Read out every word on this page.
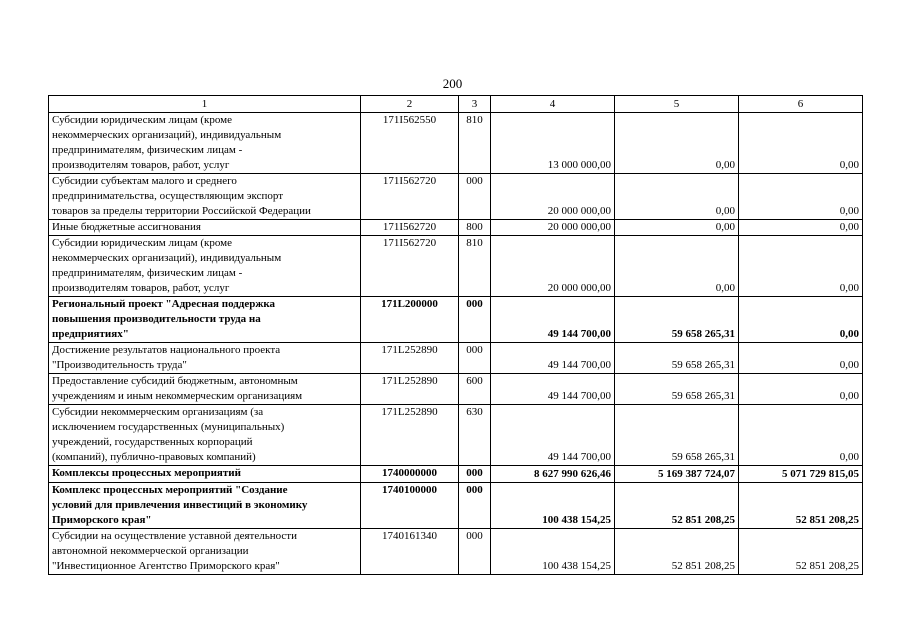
200
1	2	3	4	5	6
Субсидии юридическим лицам (кроме
некоммерческих организаций), индивидуальным
предпринимателям, физическим лицам -
производителям товаров, работ, услуг	171I562550	810	13 000 000,00	0,00	0,00
Субсидии субъектам малого и среднего
предпринимательства, осуществляющим экспорт
товаров за пределы территории Российской Федерации	171I562720	000	20 000 000,00	0,00	0,00
Иные бюджетные ассигнования	171I562720	800	20 000 000,00	0,00	0,00
Субсидии юридическим лицам (кроме
некоммерческих организаций), индивидуальным
предпринимателям, физическим лицам -
производителям товаров, работ, услуг	171I562720	810	20 000 000,00	0,00	0,00
Региональный проект "Адресная поддержка
повышения производительности труда на
предприятиях"	171L200000	000	49 144 700,00	59 658 265,31	0,00
Достижение результатов национального проекта
"Производительность труда"	171L252890	000	49 144 700,00	59 658 265,31	0,00
Предоставление субсидий бюджетным, автономным
учреждениям и иным некоммерческим организациям	171L252890	600	49 144 700,00	59 658 265,31	0,00
Субсидии некоммерческим организациям (за
исключением государственных (муниципальных)
учреждений, государственных корпораций
(компаний), публично-правовых компаний)	171L252890	630	49 144 700,00	59 658 265,31	0,00
Комплексы процессных мероприятий	1740000000	000	8 627 990 626,46	5 169 387 724,07	5 071 729 815,05
Комплекс процессных мероприятий "Создание
условий для привлечения инвестиций в экономику
Приморского края"	1740100000	000	100 438 154,25	52 851 208,25	52 851 208,25
Субсидии на осуществление уставной деятельности
автономной некоммерческой организации
"Инвестиционное Агентство Приморского края"	1740161340	000	100 438 154,25	52 851 208,25	52 851 208,25
